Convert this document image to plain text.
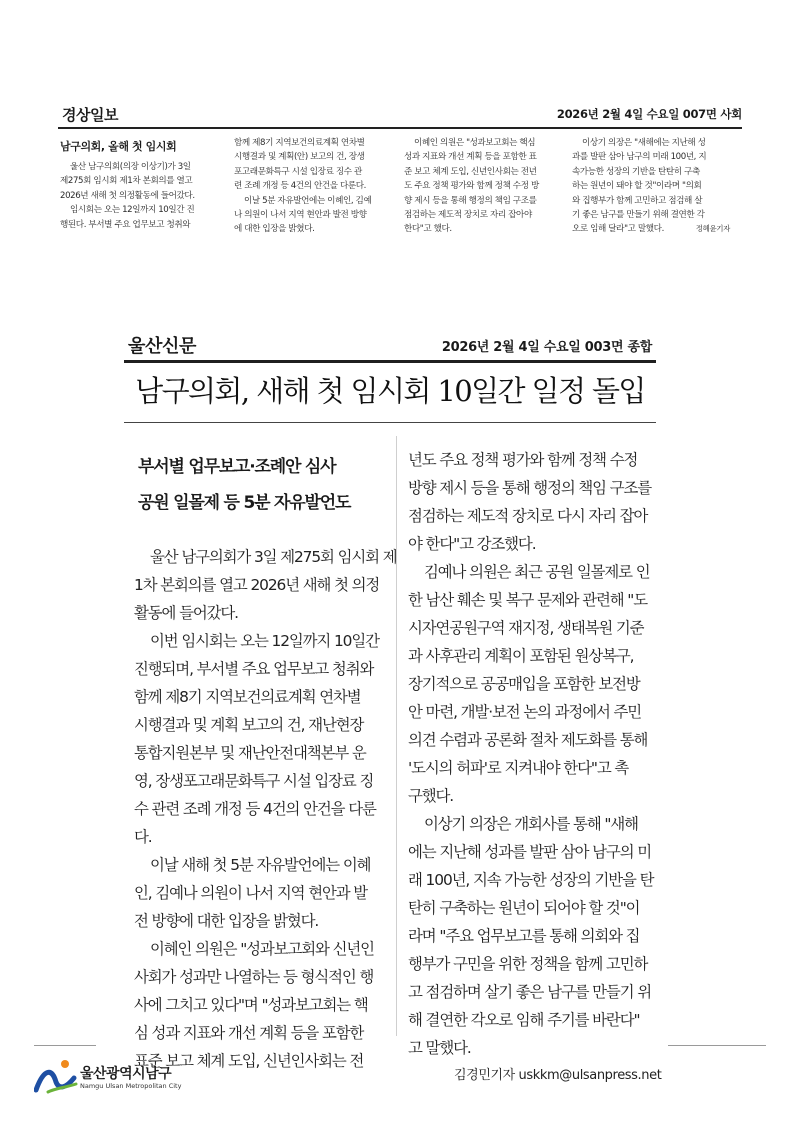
경상일보	2026년 2월 4일 수요일 007면 사회
남구의회, 올해 첫 임시회

울산 남구의회(의장 이상기)가 3일
제275회 임시회 제1차 본회의를 열고
2026년 새해 첫 의정활동에 들어갔다.

임시회는 오는 12일까지 10일간 진
행된다. 부서별 주요 업무보고 청취와

함께 제8기 지역보건의료계획 연차별
시행결과 및 계획(안) 보고의 건, 장생
포고래문화특구 시설 입장료 징수 관
련 조례 개정 등 4건의 안건을 다룬다.

이날 5분 자유발언에는 이혜인, 김예
나 의원이 나서 지역 현안과 발전 방향
에 대한 입장을 밝혔다.

이혜인 의원은 "성과보고회는 핵심
성과 지표와 개선 계획 등을 포함한 표
준 보고 체계 도입, 신년인사회는 전년
도 주요 정책 평가와 함께 정책 수정 방
향 제시 등을 통해 행정의 책임 구조를
점검하는 제도적 장치로 자리 잡아야
한다"고 했다.

이상기 의장은 "새해에는 지난해 성
과를 발판 삼아 남구의 미래 100년, 지
속가능한 성장의 기반을 탄탄히 구축
하는 원년이 돼야 할 것"이라며 "의회
와 집행부가 함께 고민하고 점검해 살
기 좋은 남구를 만들기 위해 결연한 각
오로 임해 달라"고 말했다.	정혜윤기자

울산신문	2026년 2월 4일 수요일 003면 종합
남구의회, 새해 첫 임시회 10일간 일정 돌입
부서별 업무보고·조례안 심사
공원 일몰제 등 5분 자유발언도
울산 남구의회가 3일 제275회 임시회 제
1차 본회의를 열고 2026년 새해 첫 의정
활동에 들어갔다.
이번 임시회는 오는 12일까지 10일간
진행되며, 부서별 주요 업무보고 청취와
함께 제8기 지역보건의료계획 연차별
시행결과 및 계획 보고의 건, 재난현장
통합지원본부 및 재난안전대책본부 운
영, 장생포고래문화특구 시설 입장료 징
수 관련 조례 개정 등 4건의 안건을 다룬
다.
이날 새해 첫 5분 자유발언에는 이혜
인, 김예나 의원이 나서 지역 현안과 발
전 방향에 대한 입장을 밝혔다.
이혜인 의원은 "성과보고회와 신년인
사회가 성과만 나열하는 등 형식적인 행
사에 그치고 있다"며 "성과보고회는 핵
심 성과 지표와 개선 계획 등을 포함한
표준 보고 체계 도입, 신년인사회는 전
년도 주요 정책 평가와 함께 정책 수정
방향 제시 등을 통해 행정의 책임 구조를
점검하는 제도적 장치로 다시 자리 잡아
야 한다"고 강조했다.
김예나 의원은 최근 공원 일몰제로 인
한 남산 훼손 및 복구 문제와 관련해 "도
시자연공원구역 재지정, 생태복원 기준
과 사후관리 계획이 포함된 원상복구,
장기적으로 공공매입을 포함한 보전방
안 마련, 개발·보전 논의 과정에서 주민
의견 수렴과 공론화 절차 제도화를 통해
'도시의 허파'로 지켜내야 한다"고 촉
구했다.
이상기 의장은 개회사를 통해 "새해
에는 지난해 성과를 발판 삼아 남구의 미
래 100년, 지속 가능한 성장의 기반을 탄
탄히 구축하는 원년이 되어야 할 것"이
라며 "주요 업무보고를 통해 의회와 집
행부가 구민을 위한 정책을 함께 고민하
고 점검하며 살기 좋은 남구를 만들기 위
해 결연한 각오로 임해 주기를 바란다"
고 말했다.
김경민기자 uskkm@ulsanpress.net
울산광역시남구
Namgu Ulsan Metropolitan City
